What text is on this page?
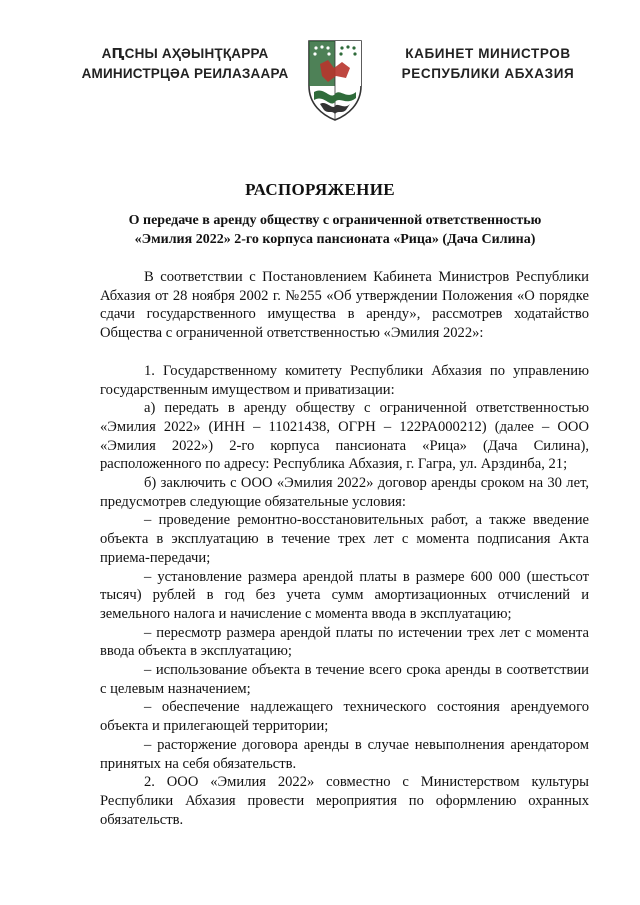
АԤСНЫ АҲӘЫНҬҚАРРА
АМИНИСТРЦӘА РЕИЛАЗААРА
КАБИНЕТ МИНИСТРОВ
РЕСПУБЛИКИ АБХАЗИЯ
РАСПОРЯЖЕНИЕ
О передаче в аренду обществу с ограниченной ответственностью
«Эмилия 2022» 2-го корпуса пансионата «Рица» (Дача Силина)

В соответствии с Постановлением Кабинета Министров Республики Абхазия от 28 ноября 2002 г. №255 «Об утверждении Положения «О порядке сдачи государственного имущества в аренду», рассмотрев ходатайство Общества с ограниченной ответственностью «Эмилия 2022»:

1. Государственному комитету Республики Абхазия по управлению государственным имуществом и приватизации:

а) передать в аренду обществу с ограниченной ответственностью «Эмилия 2022» (ИНН – 11021438, ОГРН – 122РА000212) (далее – ООО «Эмилия 2022») 2-го корпуса пансионата «Рица» (Дача Силина), расположенного по адресу: Республика Абхазия, г. Гагра, ул. Арздинба, 21;

б) заключить с ООО «Эмилия 2022» договор аренды сроком на 30 лет, предусмотрев следующие обязательные условия:

– проведение ремонтно-восстановительных работ, а также введение объекта в эксплуатацию в течение трех лет с момента подписания Акта приема-передачи;

– установление размера арендой платы в размере 600 000 (шестьсот тысяч) рублей в год без учета сумм амортизационных отчислений и земельного налога и начисление с момента ввода в эксплуатацию;

– пересмотр размера арендой платы по истечении трех лет с момента ввода объекта в эксплуатацию;

– использование объекта в течение всего срока аренды в соответствии с целевым назначением;

– обеспечение надлежащего технического состояния арендуемого объекта и прилегающей территории;

– расторжение договора аренды в случае невыполнения арендатором принятых на себя обязательств.

2. ООО «Эмилия 2022» совместно с Министерством культуры Республики Абхазия провести мероприятия по оформлению охранных обязательств.
